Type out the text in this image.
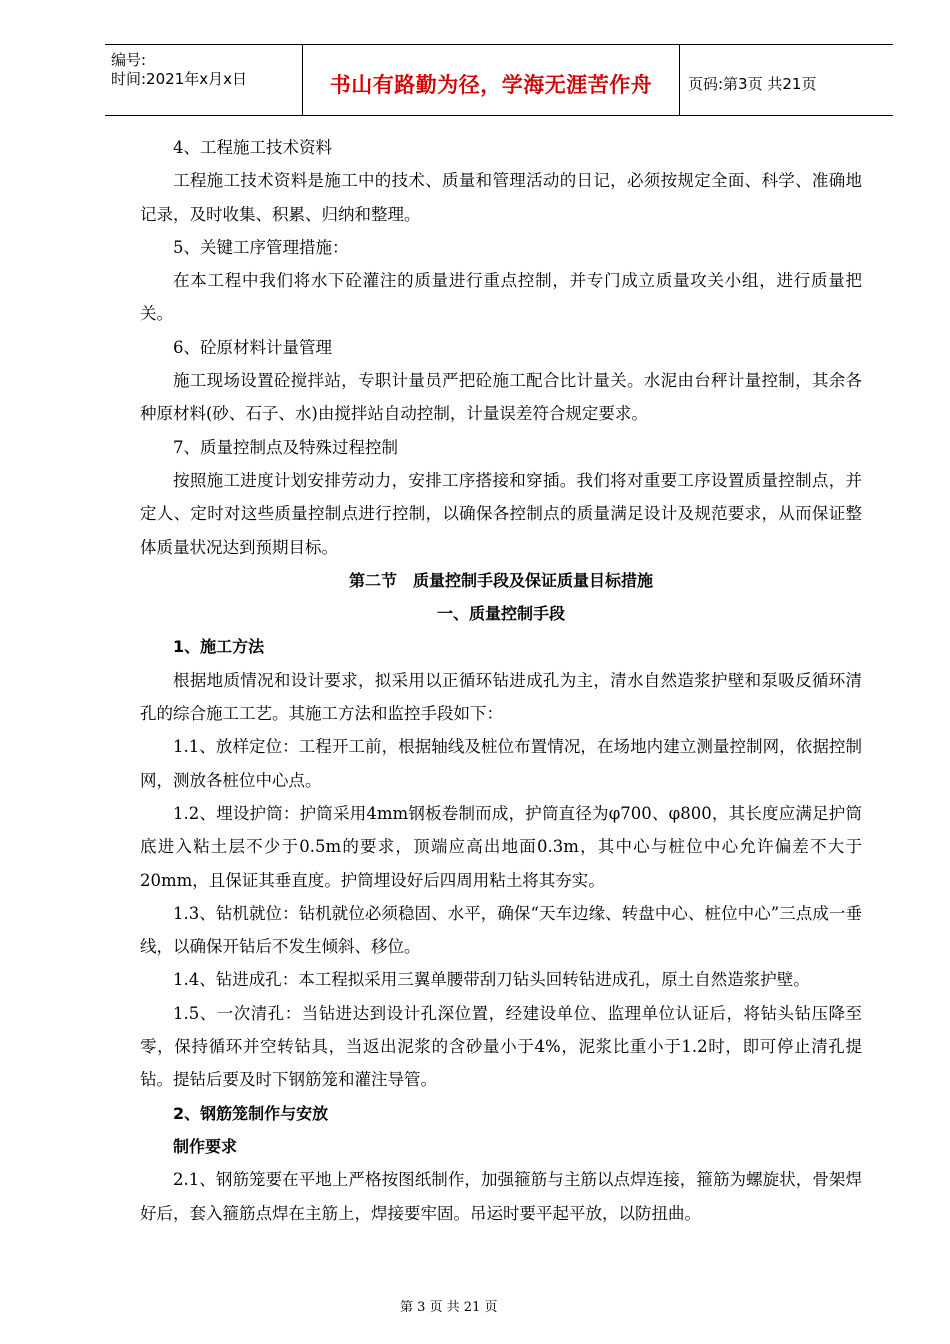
编号:
时间:2021年x月x日	书山有路勤为径，学海无涯苦作舟	页码:第3页 共21页

4、工程施工技术资料

工程施工技术资料是施工中的技术、质量和管理活动的日记，必须按规定全面、科学、准确地记录，及时收集、积累、归纳和整理。

5、关键工序管理措施：

在本工程中我们将水下砼灌注的质量进行重点控制，并专门成立质量攻关小组，进行质量把关。

6、砼原材料计量管理

施工现场设置砼搅拌站，专职计量员严把砼施工配合比计量关。水泥由台秤计量控制，其余各种原材料(砂、石子、水)由搅拌站自动控制，计量误差符合规定要求。

7、质量控制点及特殊过程控制

按照施工进度计划安排劳动力，安排工序搭接和穿插。我们将对重要工序设置质量控制点，并定人、定时对这些质量控制点进行控制，以确保各控制点的质量满足设计及规范要求，从而保证整体质量状况达到预期目标。

第二节　质量控制手段及保证质量目标措施

一、质量控制手段

1、施工方法

根据地质情况和设计要求，拟采用以正循环钻进成孔为主，清水自然造浆护壁和泵吸反循环清孔的综合施工工艺。其施工方法和监控手段如下：

1.1、放样定位：工程开工前，根据轴线及桩位布置情况，在场地内建立测量控制网，依据控制网，测放各桩位中心点。

1.2、埋设护筒：护筒采用4mm钢板卷制而成，护筒直径为φ700、φ800，其长度应满足护筒底进入粘土层不少于0.5m的要求，顶端应高出地面0.3m，其中心与桩位中心允许偏差不大于20mm，且保证其垂直度。护筒埋设好后四周用粘土将其夯实。

1.3、钻机就位：钻机就位必须稳固、水平，确保“天车边缘、转盘中心、桩位中心”三点成一垂线，以确保开钻后不发生倾斜、移位。

1.4、钻进成孔：本工程拟采用三翼单腰带刮刀钻头回转钻进成孔，原土自然造浆护壁。

1.5、一次清孔：当钻进达到设计孔深位置，经建设单位、监理单位认证后，将钻头钻压降至零，保持循环并空转钻具，当返出泥浆的含砂量小于4%，泥浆比重小于1.2时，即可停止清孔提钻。提钻后要及时下钢筋笼和灌注导管。

2、钢筋笼制作与安放

制作要求

2.1、钢筋笼要在平地上严格按图纸制作，加强箍筋与主筋以点焊连接，箍筋为螺旋状，骨架焊好后，套入箍筋点焊在主筋上，焊接要牢固。吊运时要平起平放，以防扭曲。

第 3 页 共 21 页
